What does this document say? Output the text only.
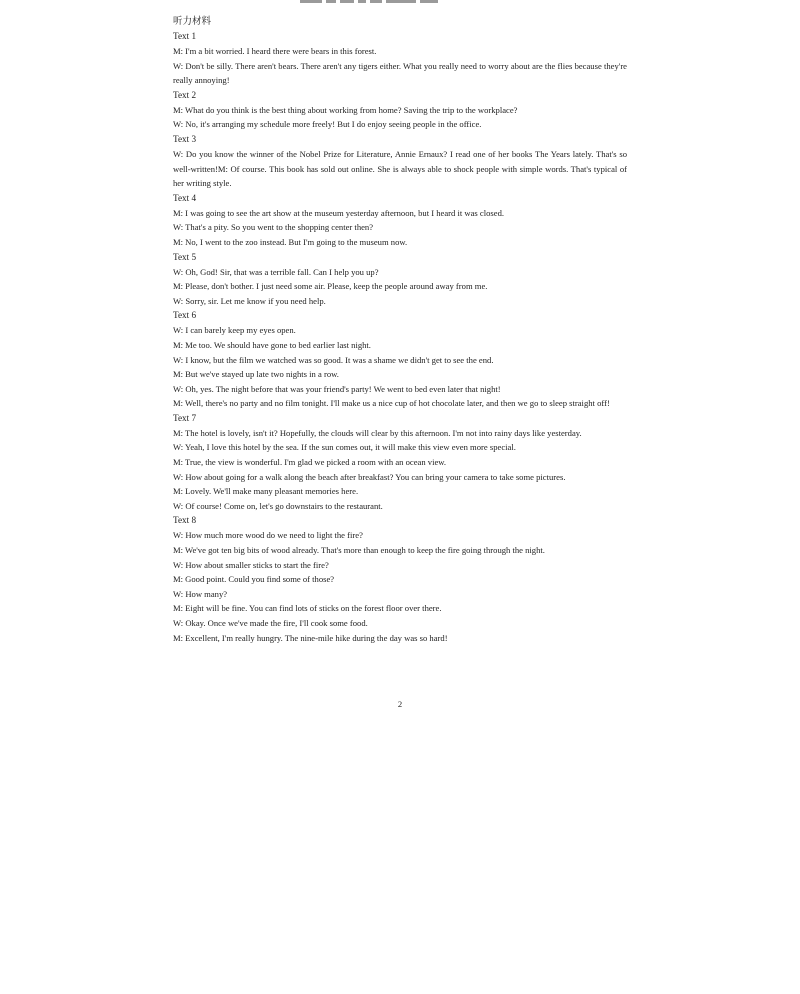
听力材料

Text 1

M: I'm a bit worried. I heard there were bears in this forest.

W: Don't be silly. There aren't bears. There aren't any tigers either. What you really need to worry about are the flies because they're really annoying!

Text 2

M: What do you think is the best thing about working from home? Saving the trip to the workplace?

W: No, it's arranging my schedule more freely! But I do enjoy seeing people in the office.

Text 3

W: Do you know the winner of the Nobel Prize for Literature, Annie Ernaux? I read one of her books The Years lately. That's so well-written!M: Of course. This book has sold out online. She is always able to shock people with simple words. That's typical of her writing style.

Text 4

M: I was going to see the art show at the museum yesterday afternoon, but I heard it was closed.

W: That's a pity. So you went to the shopping center then?

M: No, I went to the zoo instead. But I'm going to the museum now.

Text 5

W: Oh, God! Sir, that was a terrible fall. Can I help you up?

M: Please, don't bother. I just need some air. Please, keep the people around away from me.

W: Sorry, sir. Let me know if you need help.

Text 6

W: I can barely keep my eyes open.

M: Me too. We should have gone to bed earlier last night.

W: I know, but the film we watched was so good. It was a shame we didn't get to see the end.

M: But we've stayed up late two nights in a row.

W: Oh, yes. The night before that was your friend's party! We went to bed even later that night!

M: Well, there's no party and no film tonight. I'll make us a nice cup of hot chocolate later, and then we go to sleep straight off!

Text 7

M: The hotel is lovely, isn't it? Hopefully, the clouds will clear by this afternoon. I'm not into rainy days like yesterday.

W: Yeah, I love this hotel by the sea. If the sun comes out, it will make this view even more special.

M: True, the view is wonderful. I'm glad we picked a room with an ocean view.

W: How about going for a walk along the beach after breakfast? You can bring your camera to take some pictures.

M: Lovely. We'll make many pleasant memories here.

W: Of course! Come on, let's go downstairs to the restaurant.

Text 8

W: How much more wood do we need to light the fire?

M: We've got ten big bits of wood already. That's more than enough to keep the fire going through the night.

W: How about smaller sticks to start the fire?

M: Good point. Could you find some of those?

W: How many?

M: Eight will be fine. You can find lots of sticks on the forest floor over there.

W: Okay. Once we've made the fire, I'll cook some food.

M: Excellent, I'm really hungry. The nine-mile hike during the day was so hard!

2
